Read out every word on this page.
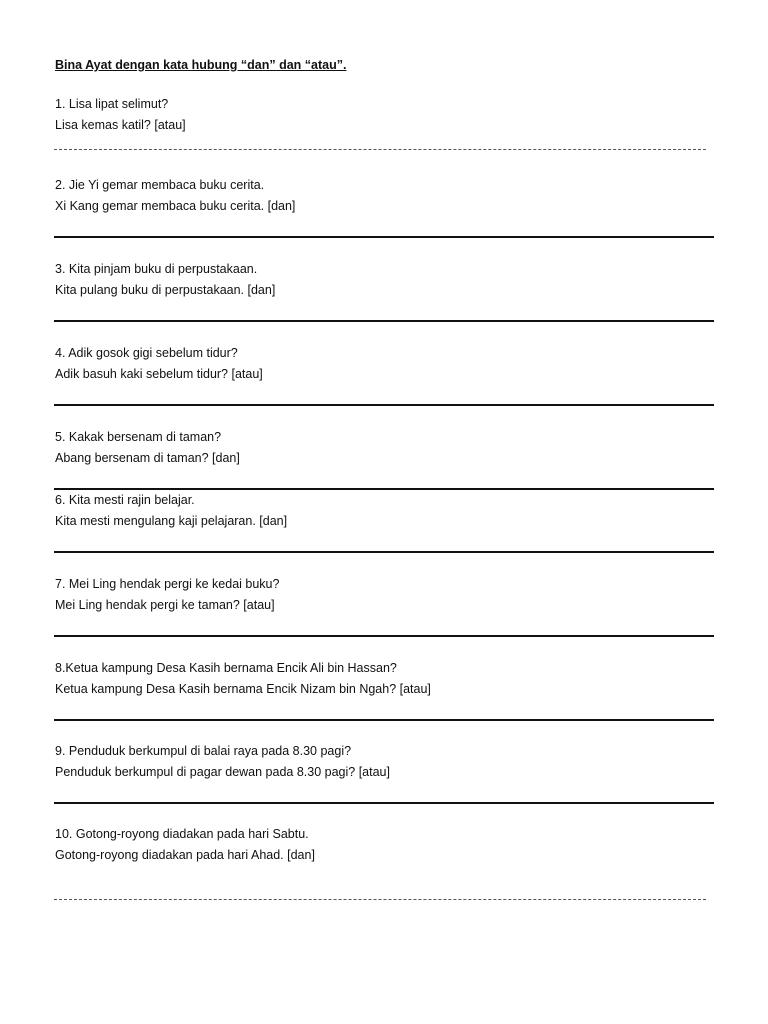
Bina Ayat dengan kata hubung “dan” dan “atau”.
1. Lisa lipat selimut?
Lisa kemas katil? [atau]
2. Jie Yi gemar membaca buku cerita.
Xi Kang gemar membaca buku cerita. [dan]
3. Kita pinjam buku di perpustakaan.
Kita pulang buku di perpustakaan. [dan]
4. Adik gosok gigi sebelum tidur?
Adik basuh kaki sebelum tidur? [atau]
5. Kakak bersenam di taman?
Abang bersenam di taman? [dan]
6. Kita mesti rajin belajar.
Kita mesti mengulang kaji pelajaran. [dan]
7. Mei Ling hendak pergi ke kedai buku?
Mei Ling hendak pergi ke taman? [atau]
8.Ketua kampung Desa Kasih bernama Encik Ali bin Hassan?
Ketua kampung Desa Kasih bernama Encik Nizam bin Ngah? [atau]
9. Penduduk berkumpul di balai raya pada 8.30 pagi?
Penduduk berkumpul di pagar dewan pada 8.30 pagi? [atau]
10. Gotong-royong diadakan pada hari Sabtu.
Gotong-royong diadakan pada hari Ahad. [dan]
